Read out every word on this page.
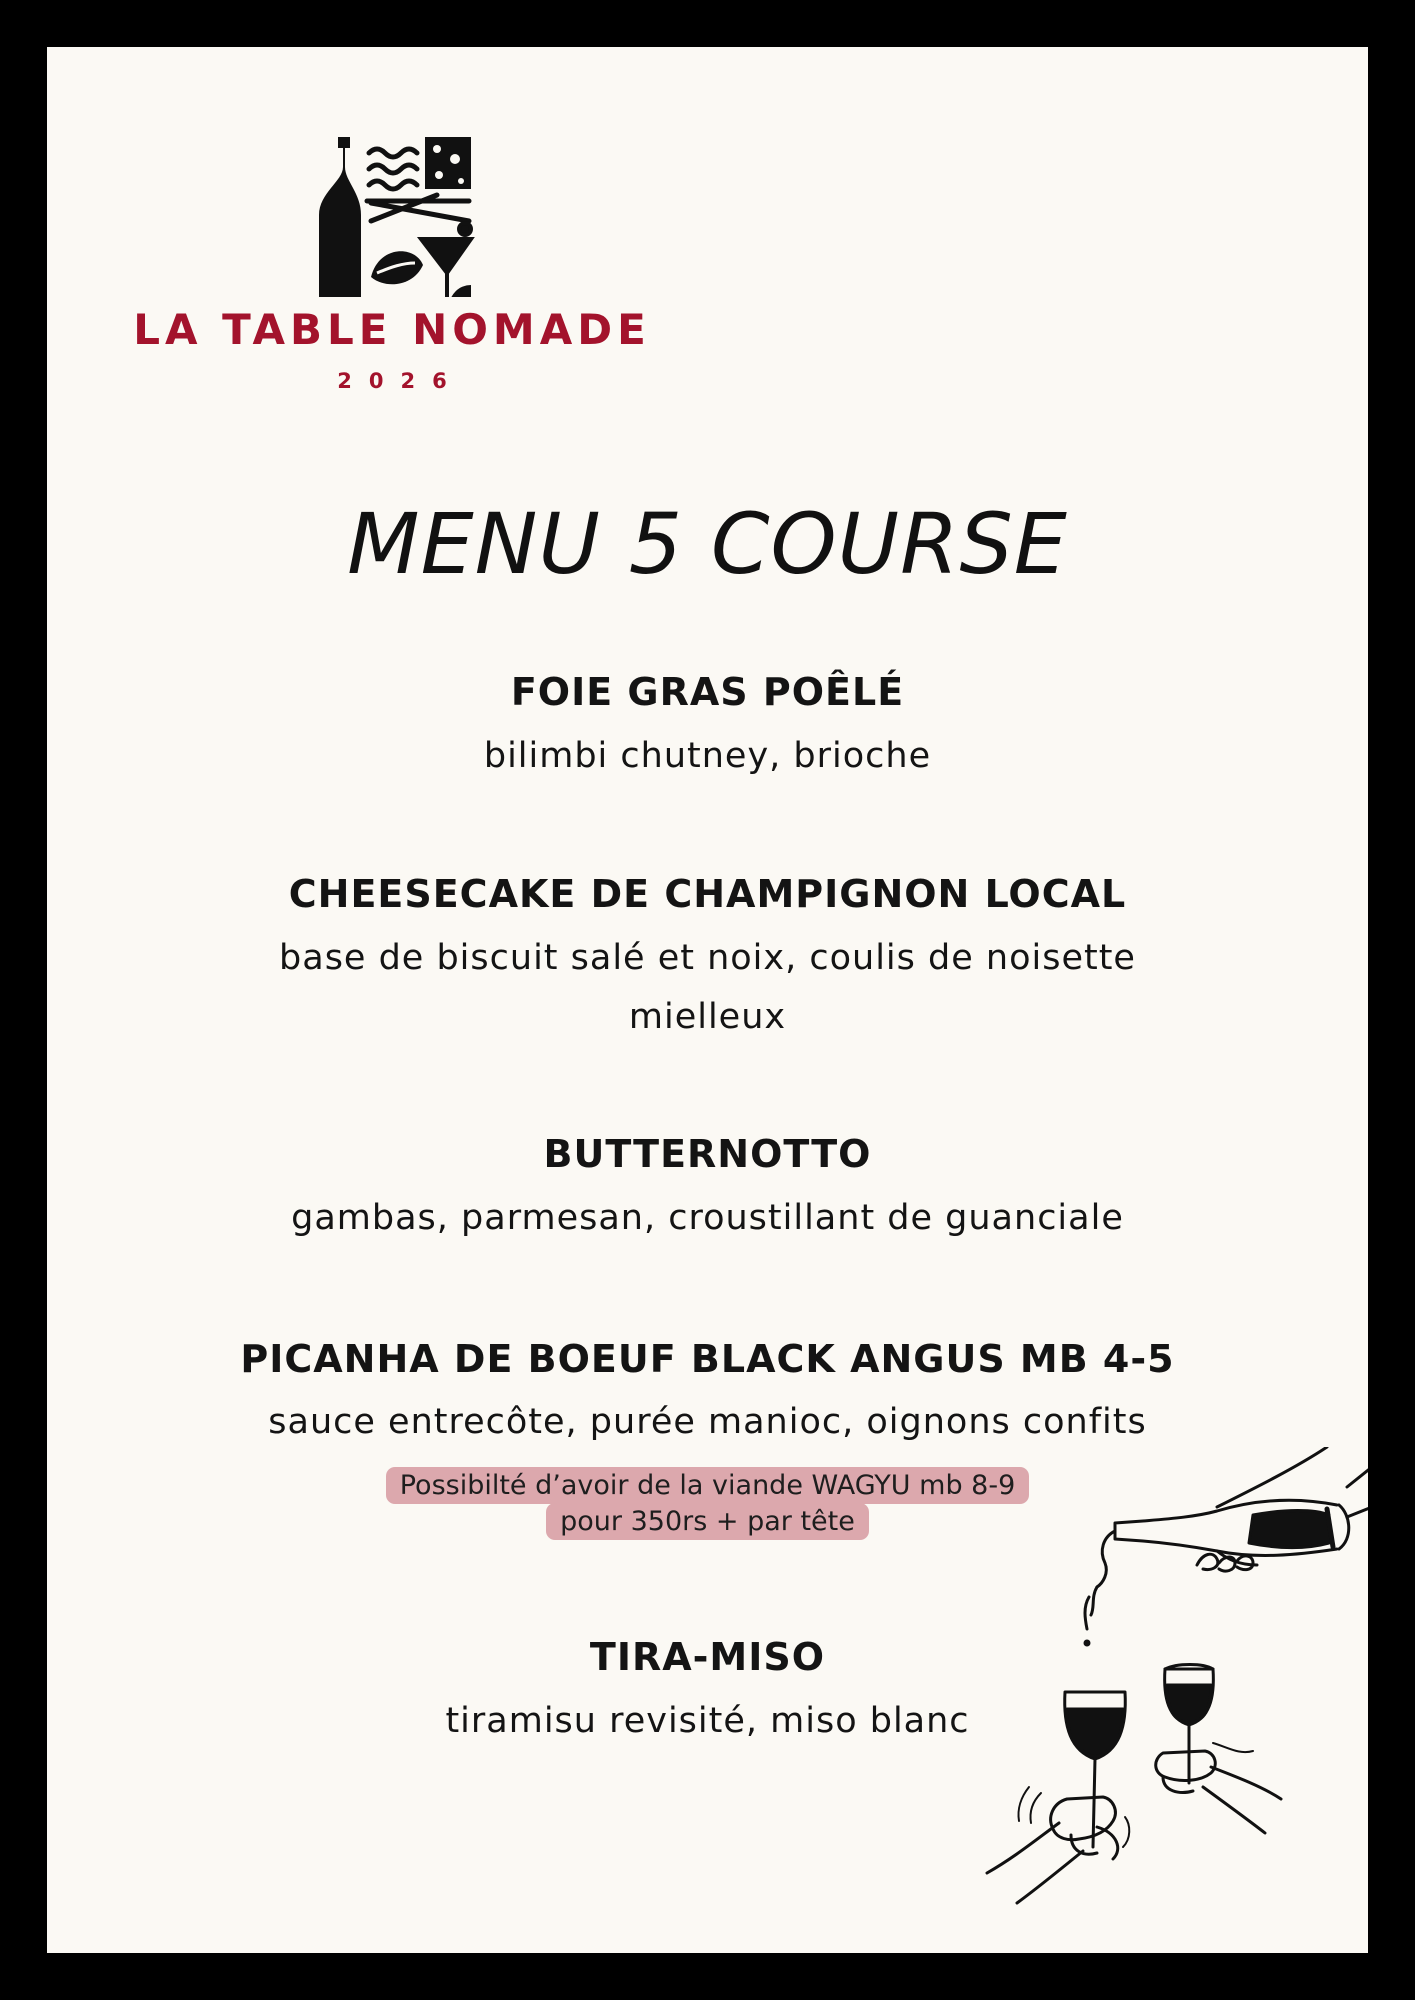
LA TABLE NOMADE
2026
MENU 5 COURSE
FOIE GRAS POÊLÉ
bilimbi chutney, brioche
CHEESECAKE DE CHAMPIGNON LOCAL
base de biscuit salé et noix, coulis de noisette mielleux
BUTTERNOTTO
gambas, parmesan, croustillant de guanciale
PICANHA DE BOEUF BLACK ANGUS MB 4-5
sauce entrecôte, purée manioc, oignons confits
Possibilté d’avoir de la viande WAGYU mb 8-9
pour 350rs + par tête
TIRA-MISO
tiramisu revisité, miso blanc
